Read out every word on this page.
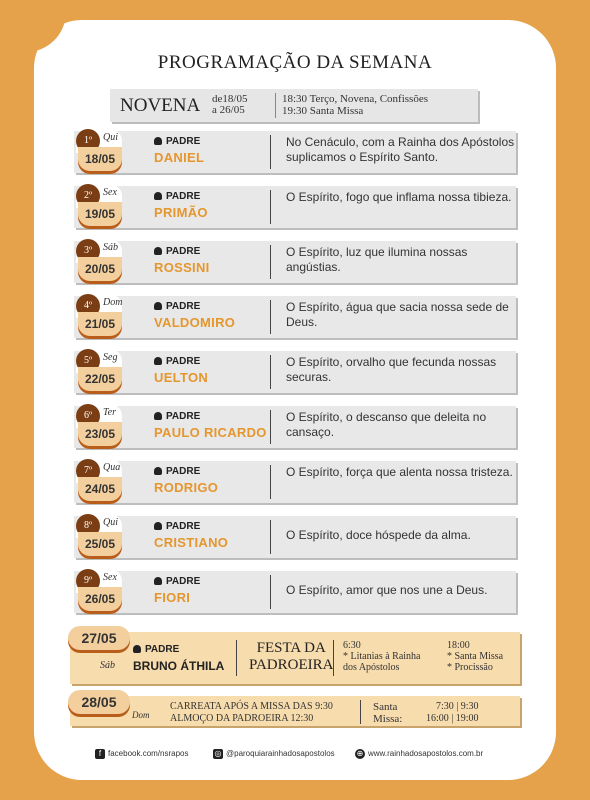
PROGRAMAÇÃO DA SEMANA
NOVENA de18/05
a 26/05
18:30 Terço, Novena, Confissões
19:30 Santa Missa
1º	Qui
18/05
PADRE
DANIEL
No Cenáculo, com a Rainha dos Apóstolos suplicamos o Espírito Santo.
2º	Sex
19/05
PADRE
PRIMÃO
O Espírito, fogo que inflama nossa tibieza.
3º	Sáb
20/05
PADRE
ROSSINI
O Espírito, luz que ilumina nossas angústias.
4º	Dom
21/05
PADRE
VALDOMIRO
O Espírito, água que sacia nossa sede de Deus.
5º	Seg
22/05
PADRE
UELTON
O Espírito, orvalho que fecunda nossas securas.
6º	Ter
23/05
PADRE
PAULO RICARDO
O Espírito, o descanso que deleita no cansaço.
7º	Qua
24/05
PADRE
RODRIGO
O Espírito, força que alenta nossa tristeza.
8º	Qui
25/05
PADRE
CRISTIANO	O Espírito, doce hóspede da alma.
9º	Sex
26/05
PADRE
FIORI	O Espírito, amor que nos une a Deus.
27/05
Sáb
PADRE
BRUNO ÁTHILA
FESTA DA
PADROEIRA
6:30
* Litanias à Rainha
dos Apóstolos
18:00
* Santa Missa
* Procissão
28/05
Dom
CARREATA APÓS A MISSA DAS 9:30
ALMOÇO DA PADROEIRA 12:30
Santa
Missa:
7:30 | 9:30
16:00 | 19:00
f facebook.com/nsrapos	◎ @paroquiarainhadosapostolos	⊕ www.rainhadosapostolos.com.br
